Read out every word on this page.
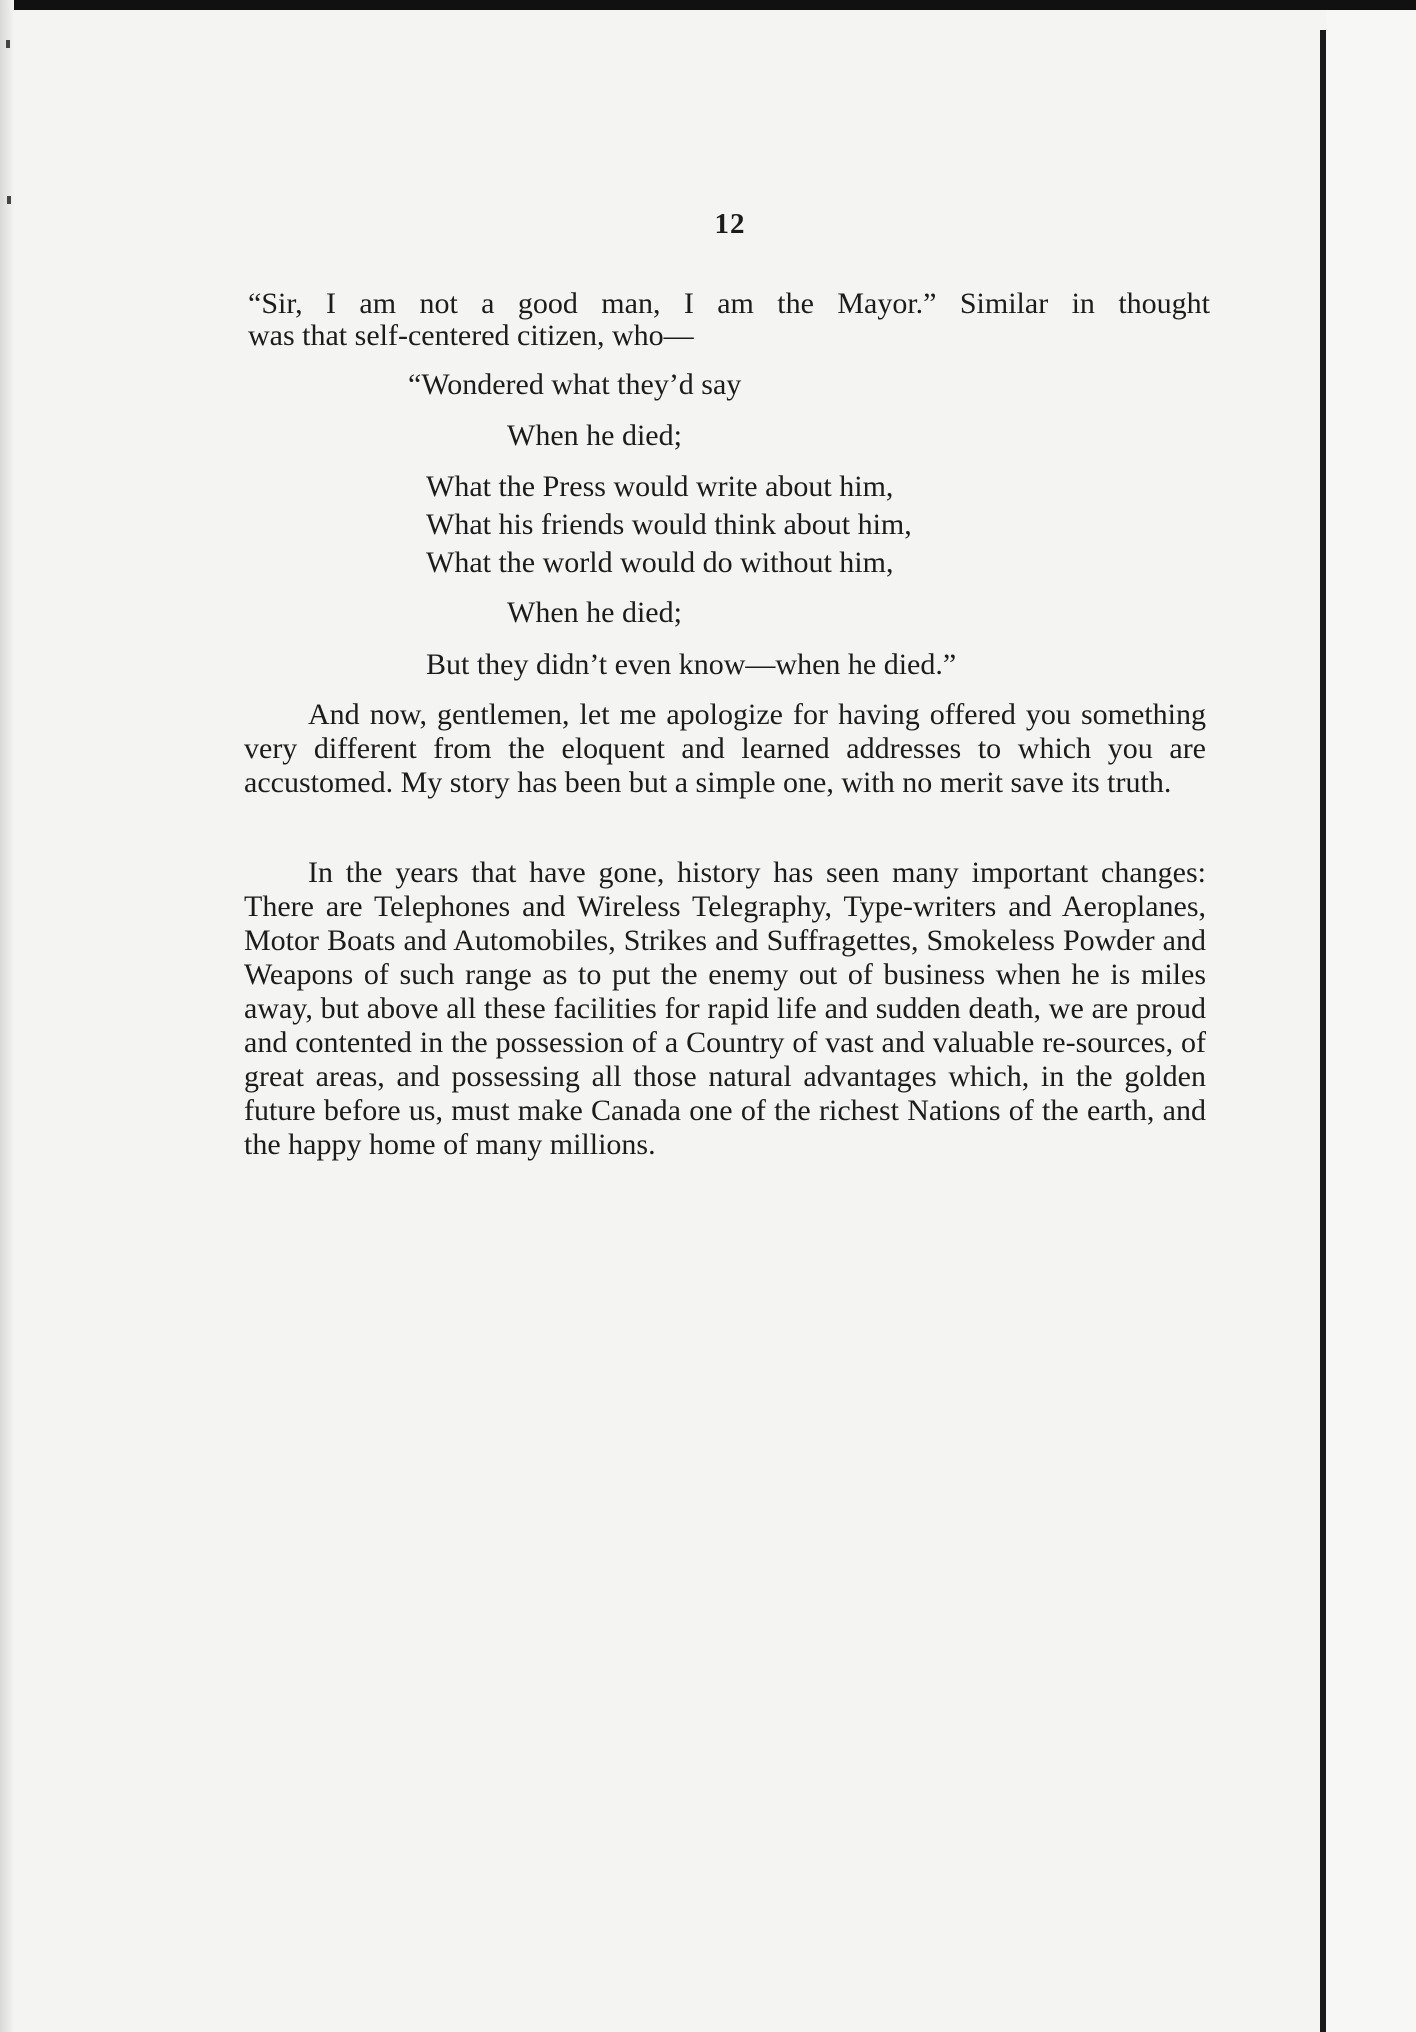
12

“Sir, I am not a good man, I am the Mayor.” Similar in thought

was that self-centered citizen, who—

“Wondered what they’d say

When he died;

What the Press would write about him,

What his friends would think about him,

What the world would do without him,

When he died;

But they didn’t even know—when he died.”

And now, gentlemen, let me apologize for having offered you something very different from the eloquent and learned addresses to which you are accustomed. My story has been but a simple one, with no merit save its truth.

In the years that have gone, history has seen many important changes: There are Telephones and Wireless Telegraphy, Type-writers and Aeroplanes, Motor Boats and Automobiles, Strikes and Suffragettes, Smokeless Powder and Weapons of such range as to put the enemy out of business when he is miles away, but above all these facilities for rapid life and sudden death, we are proud and contented in the possession of a Country of vast and valuable re-sources, of great areas, and possessing all those natural advantages which, in the golden future before us, must make Canada one of the richest Nations of the earth, and the happy home of many millions.
